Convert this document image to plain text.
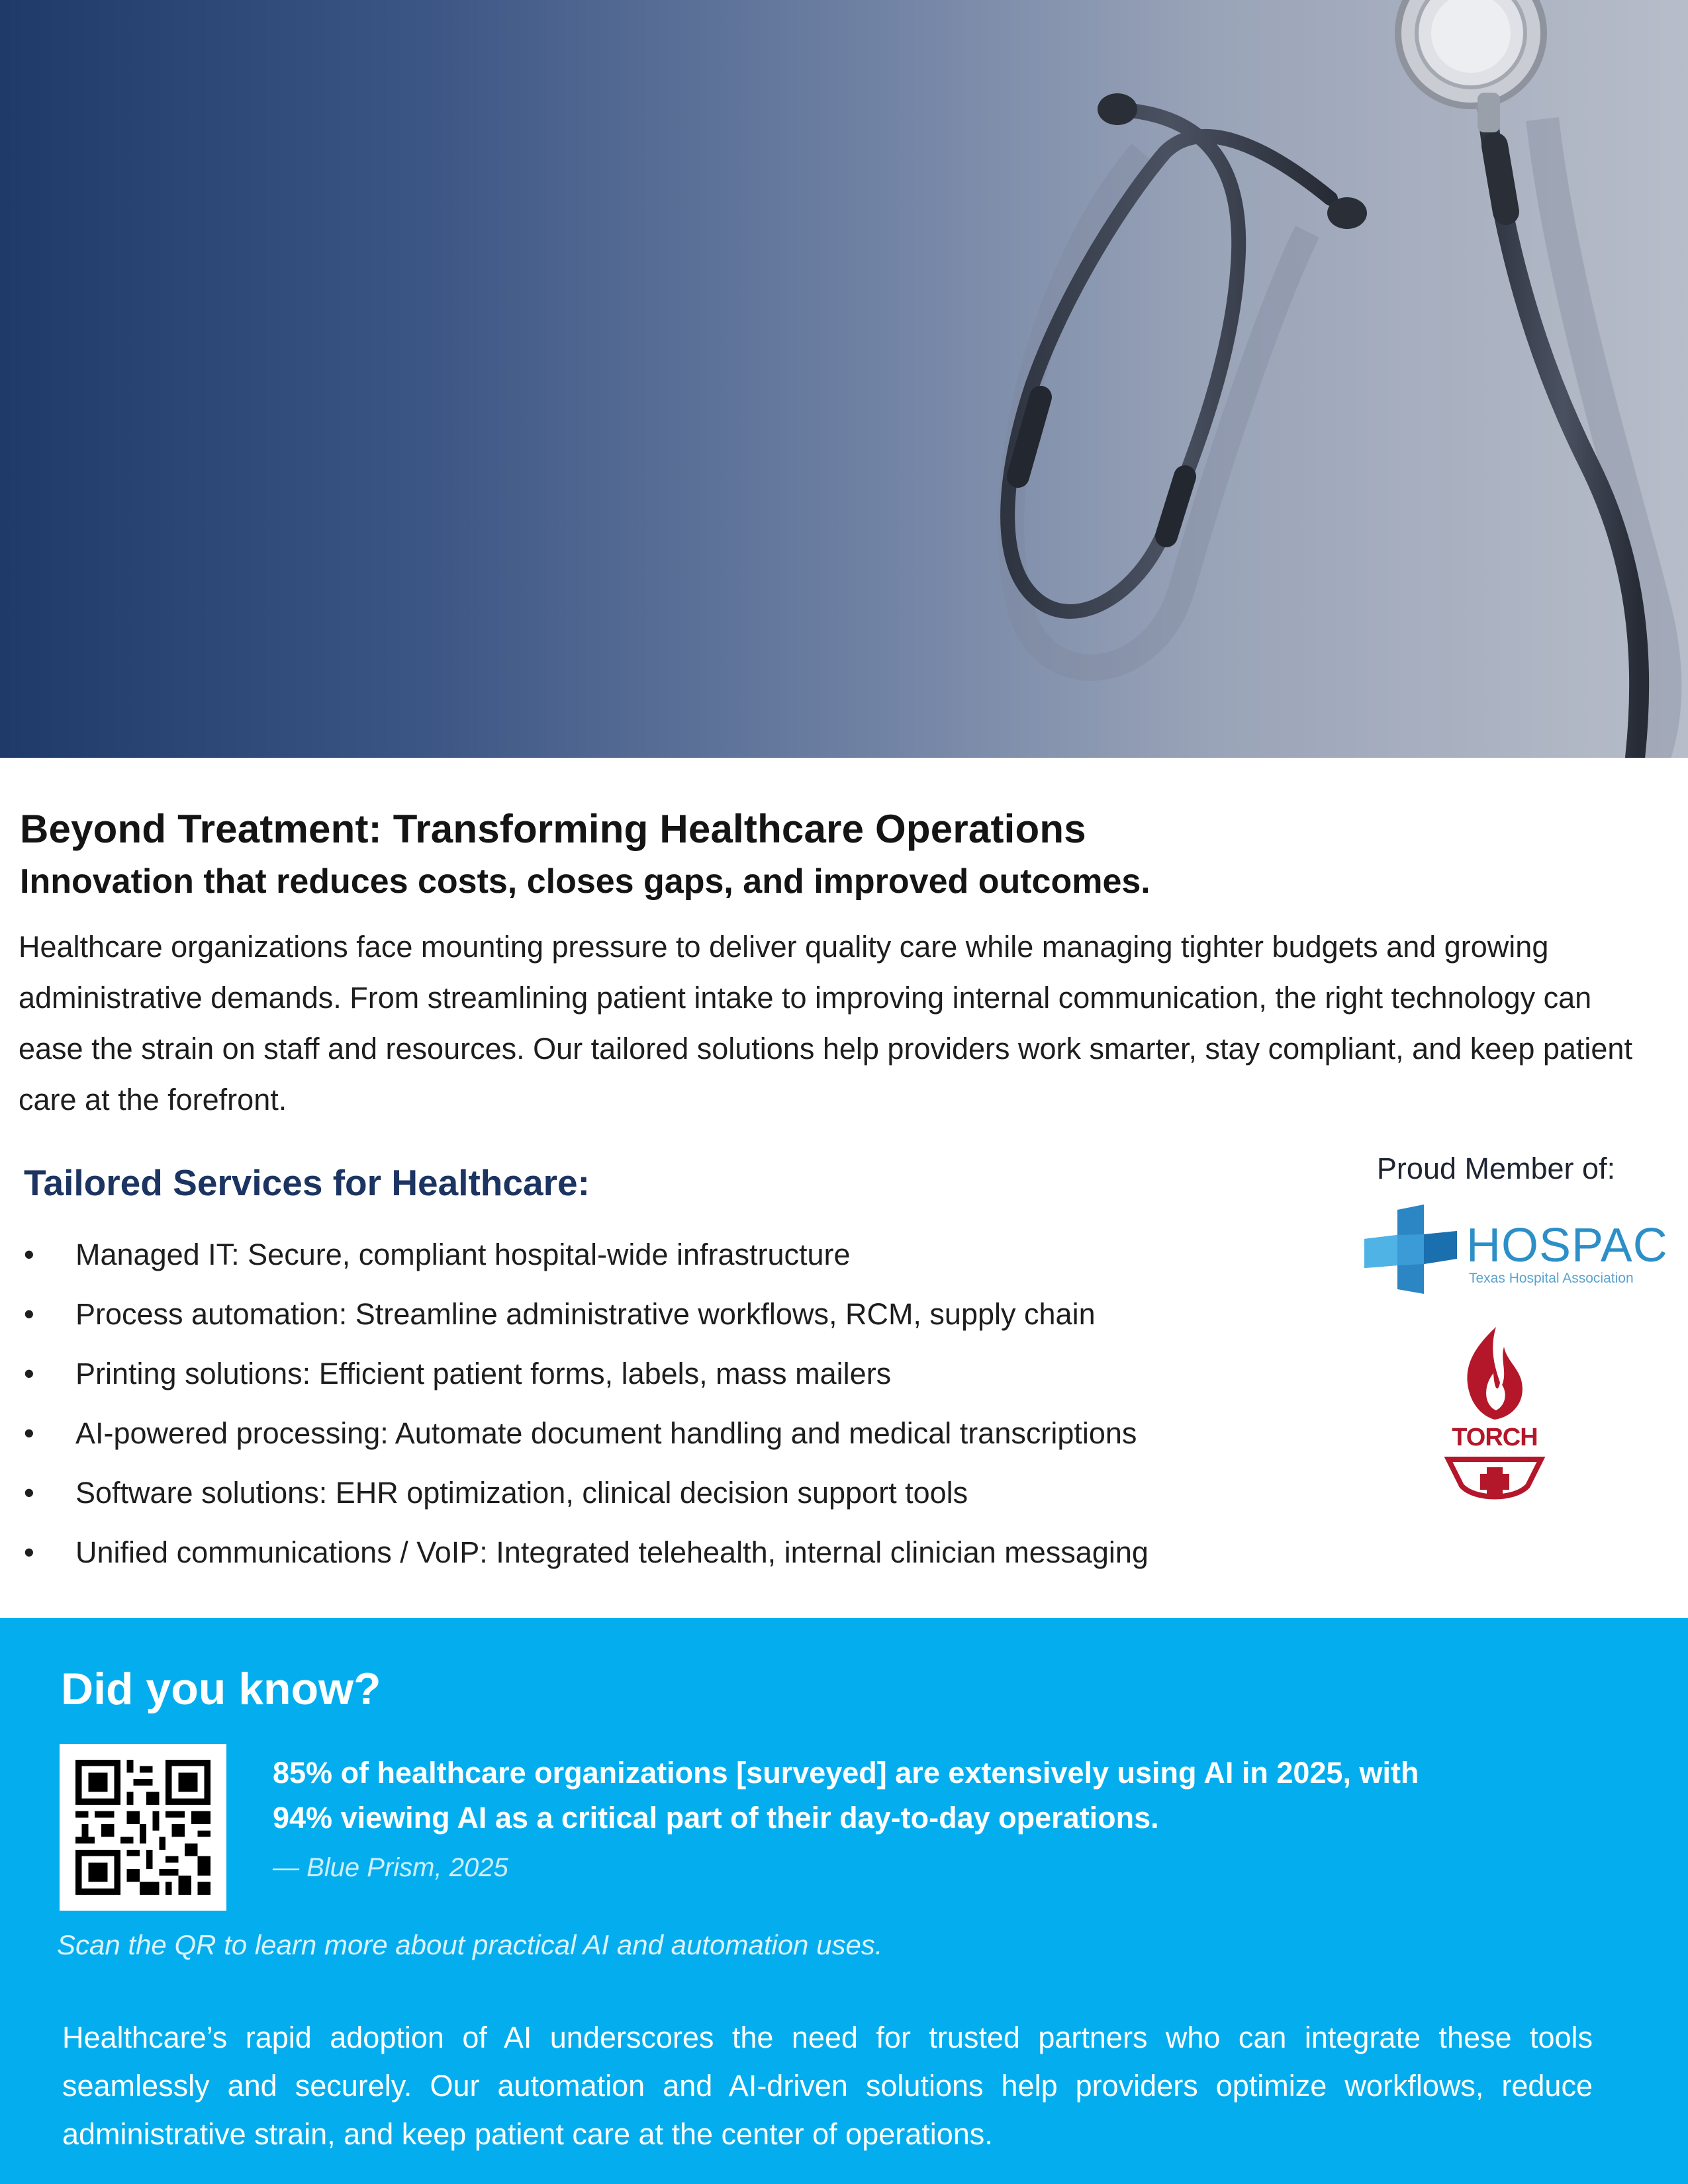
Beyond Treatment: Transforming Healthcare Operations
Innovation that reduces costs, closes gaps, and improved outcomes.

Healthcare organizations face mounting pressure to deliver quality care while managing tighter budgets and growing administrative demands. From streamlining patient intake to improving internal communication, the right technology can ease the strain on staff and resources. Our tailored solutions help providers work smarter, stay compliant, and keep patient care at the forefront.

Tailored Services for Healthcare:
• Managed IT: Secure, compliant hospital-wide infrastructure
• Process automation: Streamline administrative workflows, RCM, supply chain
• Printing solutions: Efficient patient forms, labels, mass mailers
• AI-powered processing: Automate document handling and medical transcriptions
• Software solutions: EHR optimization, clinical decision support tools
• Unified communications / VoIP: Integrated telehealth, internal clinician messaging
Proud Member of:
HOSPAC
Texas Hospital Association
TORCH
Did you know?

85% of healthcare organizations [surveyed] are extensively using AI in 2025, with 94% viewing AI as a critical part of their day-to-day operations.

— Blue Prism, 2025
Scan the QR to learn more about practical AI and automation uses.

Healthcare’s rapid adoption of AI underscores the need for trusted partners who can integrate these tools seamlessly and securely. Our automation and AI-driven solutions help providers optimize workflows, reduce administrative strain, and keep patient care at the center of operations.
